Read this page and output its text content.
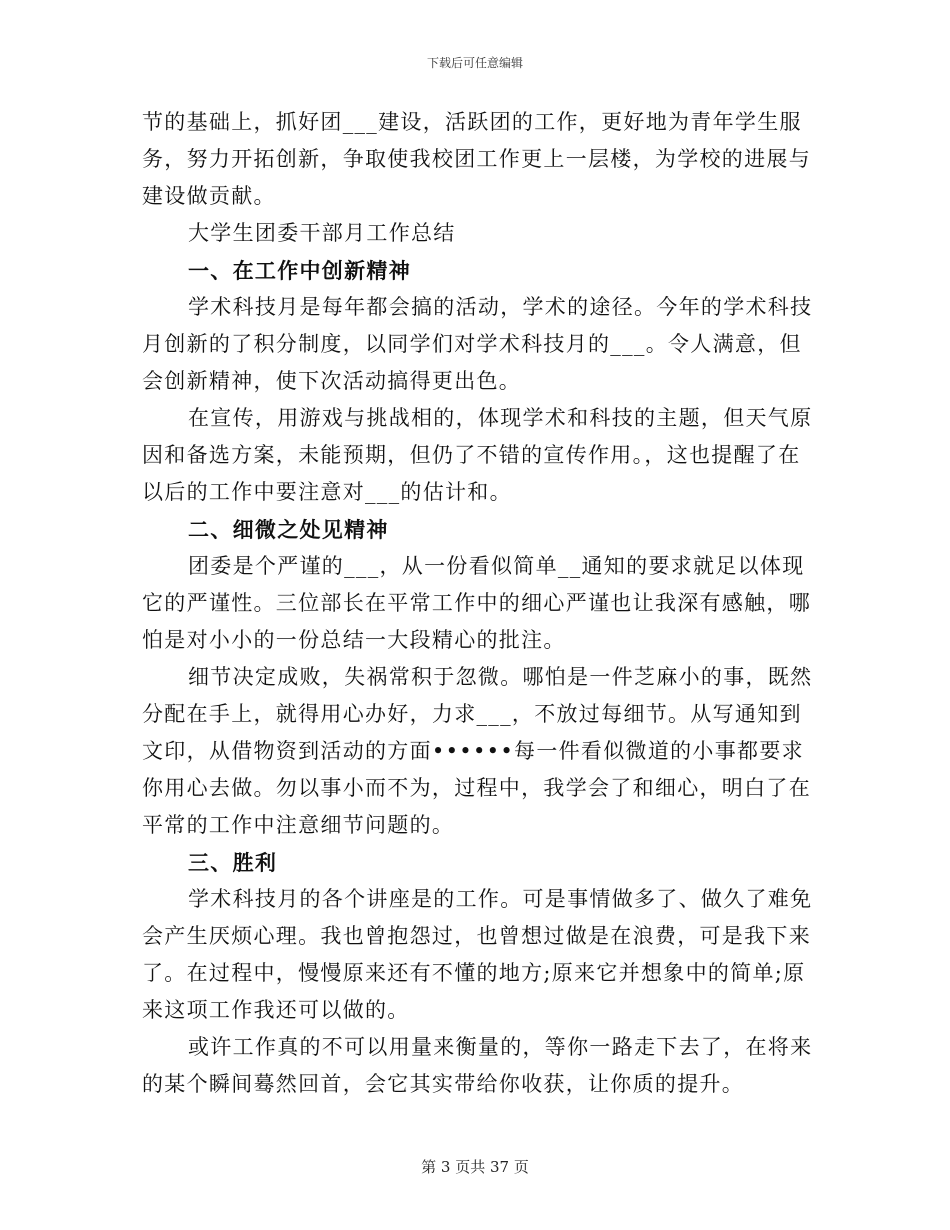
下载后可任意编辑

节的基础上，抓好团___建设，活跃团的工作，更好地为青年学生服务，努力开拓创新，争取使我校团工作更上一层楼，为学校的进展与建设做贡献。

大学生团委干部月工作总结

一、在工作中创新精神

学术科技月是每年都会搞的活动，学术的途径。今年的学术科技月创新的了积分制度，以同学们对学术科技月的___。令人满意，但会创新精神，使下次活动搞得更出色。

在宣传，用游戏与挑战相的，体现学术和科技的主题，但天气原因和备选方案，未能预期，但仍了不错的宣传作用。，这也提醒了在以后的工作中要注意对___的估计和。

二、细微之处见精神

团委是个严谨的___，从一份看似简单__通知的要求就足以体现它的严谨性。三位部长在平常工作中的细心严谨也让我深有感触，哪怕是对小小的一份总结一大段精心的批注。

细节决定成败，失祸常积于忽微。哪怕是一件芝麻小的事，既然分配在手上，就得用心办好，力求___，不放过每细节。从写通知到文印，从借物资到活动的方面••••••每一件看似微道的小事都要求你用心去做。勿以事小而不为，过程中，我学会了和细心，明白了在平常的工作中注意细节问题的。

三、胜利

学术科技月的各个讲座是的工作。可是事情做多了、做久了难免会产生厌烦心理。我也曾抱怨过，也曾想过做是在浪费，可是我下来了。在过程中，慢慢原来还有不懂的地方;原来它并想象中的简单;原来这项工作我还可以做的。

或许工作真的不可以用量来衡量的，等你一路走下去了，在将来的某个瞬间蓦然回首，会它其实带给你收获，让你质的提升。

第 3 页共 37 页
